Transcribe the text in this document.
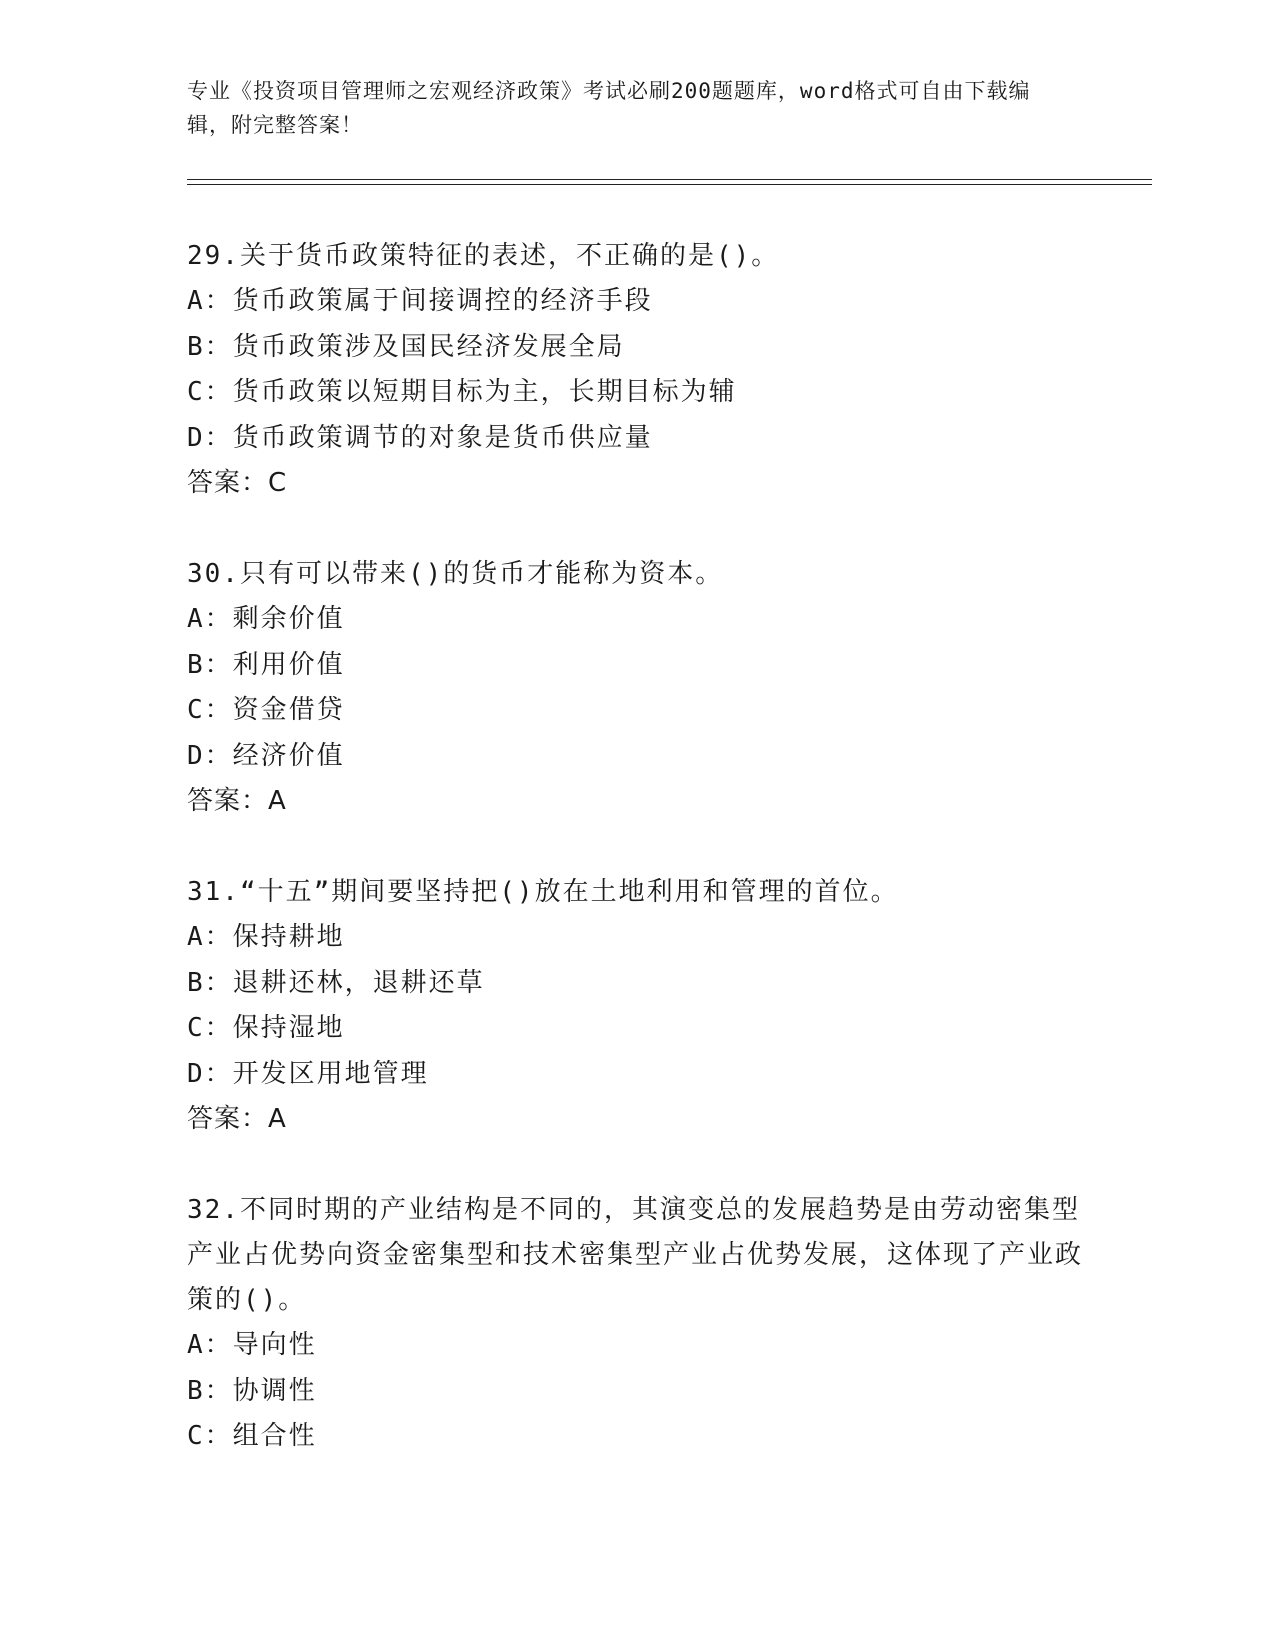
专业《投资项目管理师之宏观经济政策》考试必刷200题题库，word格式可自由下载编辑，附完整答案！

29.关于货币政策特征的表述，不正确的是()。

A：货币政策属于间接调控的经济手段

B：货币政策涉及国民经济发展全局

C：货币政策以短期目标为主，长期目标为辅

D：货币政策调节的对象是货币供应量

答案：C

30.只有可以带来()的货币才能称为资本。

A：剩余价值

B：利用价值

C：资金借贷

D：经济价值

答案：A

31.“十五”期间要坚持把()放在土地利用和管理的首位。

A：保持耕地

B：退耕还林，退耕还草

C：保持湿地

D：开发区用地管理

答案：A

32.不同时期的产业结构是不同的，其演变总的发展趋势是由劳动密集型产业占优势向资金密集型和技术密集型产业占优势发展，这体现了产业政策的()。

A：导向性

B：协调性

C：组合性
